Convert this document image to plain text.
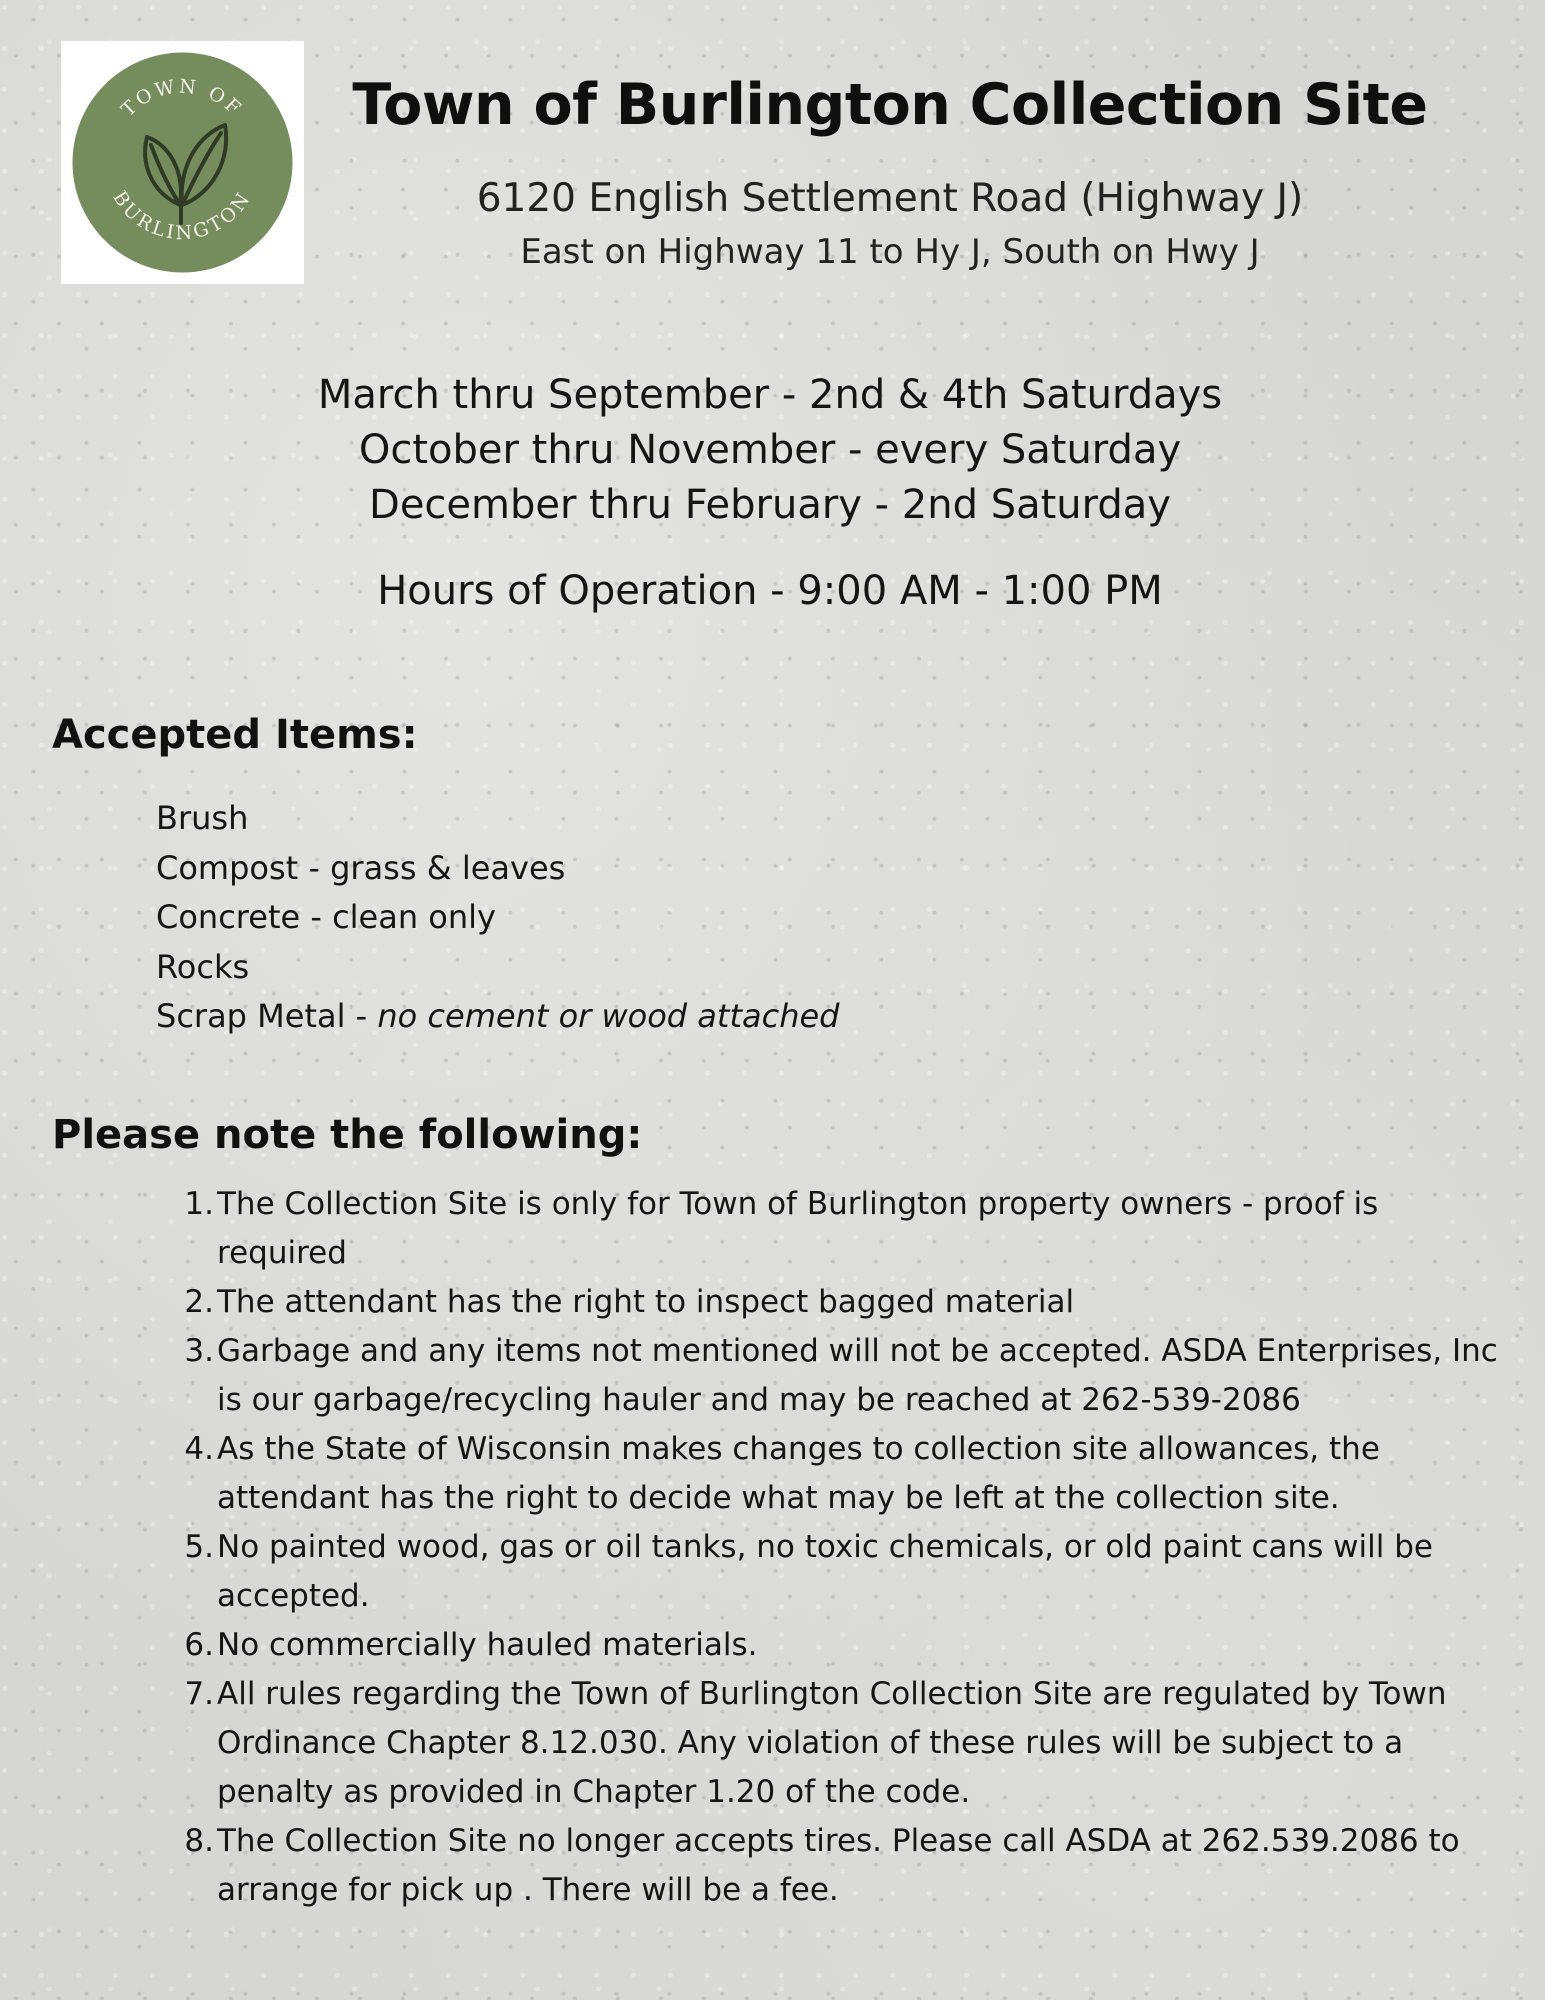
TOWN OF
BURLINGTON
Town of Burlington Collection Site
6120 English Settlement Road (Highway J)
East on Highway 11 to Hy J, South on Hwy J
March thru September - 2nd & 4th Saturdays
October thru November - every Saturday
December thru February - 2nd Saturday
Hours of Operation - 9:00 AM - 1:00 PM
Accepted Items:
Brush
Compost - grass & leaves
Concrete - clean only
Rocks
Scrap Metal - no cement or wood attached
Please note the following:
1. The Collection Site is only for Town of Burlington property owners - proof is required
2. The attendant has the right to inspect bagged material
3. Garbage and any items not mentioned will not be accepted. ASDA Enterprises, Inc is our garbage/recycling hauler and may be reached at 262-539-2086
4. As the State of Wisconsin makes changes to collection site allowances, the attendant has the right to decide what may be left at the collection site.
5. No painted wood, gas or oil tanks, no toxic chemicals, or old paint cans will be accepted.
6. No commercially hauled materials.
7. All rules regarding the Town of Burlington Collection Site are regulated by Town Ordinance Chapter 8.12.030. Any violation of these rules will be subject to a penalty as provided in Chapter 1.20 of the code.
8. The Collection Site no longer accepts tires. Please call ASDA at 262.539.2086 to arrange for pick up . There will be a fee.
